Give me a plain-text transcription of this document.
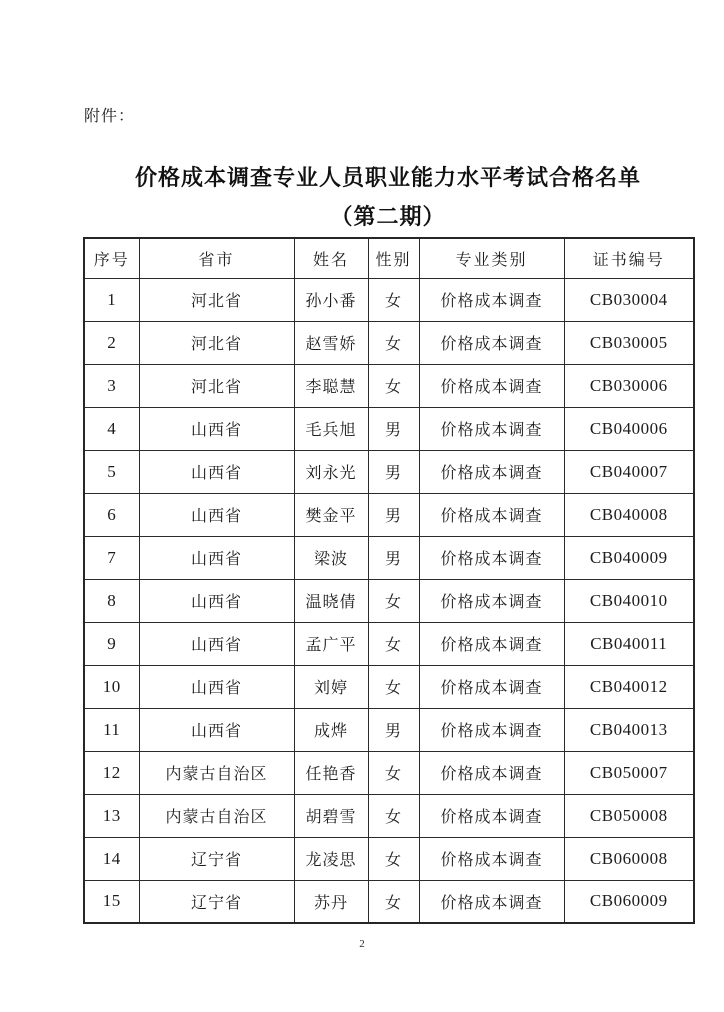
附件：
价格成本调查专业人员职业能力水平考试合格名单
（第二期）
序号	省市	姓名	性别	专业类别	证书编号
1	河北省	孙小番	女	价格成本调查	CB030004
2	河北省	赵雪娇	女	价格成本调查	CB030005
3	河北省	李聪慧	女	价格成本调查	CB030006
4	山西省	毛兵旭	男	价格成本调查	CB040006
5	山西省	刘永光	男	价格成本调查	CB040007
6	山西省	樊金平	男	价格成本调查	CB040008
7	山西省	梁波	男	价格成本调查	CB040009
8	山西省	温晓倩	女	价格成本调查	CB040010
9	山西省	孟广平	女	价格成本调查	CB040011
10	山西省	刘婷	女	价格成本调查	CB040012
11	山西省	成烨	男	价格成本调查	CB040013
12	内蒙古自治区	任艳香	女	价格成本调查	CB050007
13	内蒙古自治区	胡碧雪	女	价格成本调查	CB050008
14	辽宁省	龙凌思	女	价格成本调查	CB060008
15	辽宁省	苏丹	女	价格成本调查	CB060009
2
